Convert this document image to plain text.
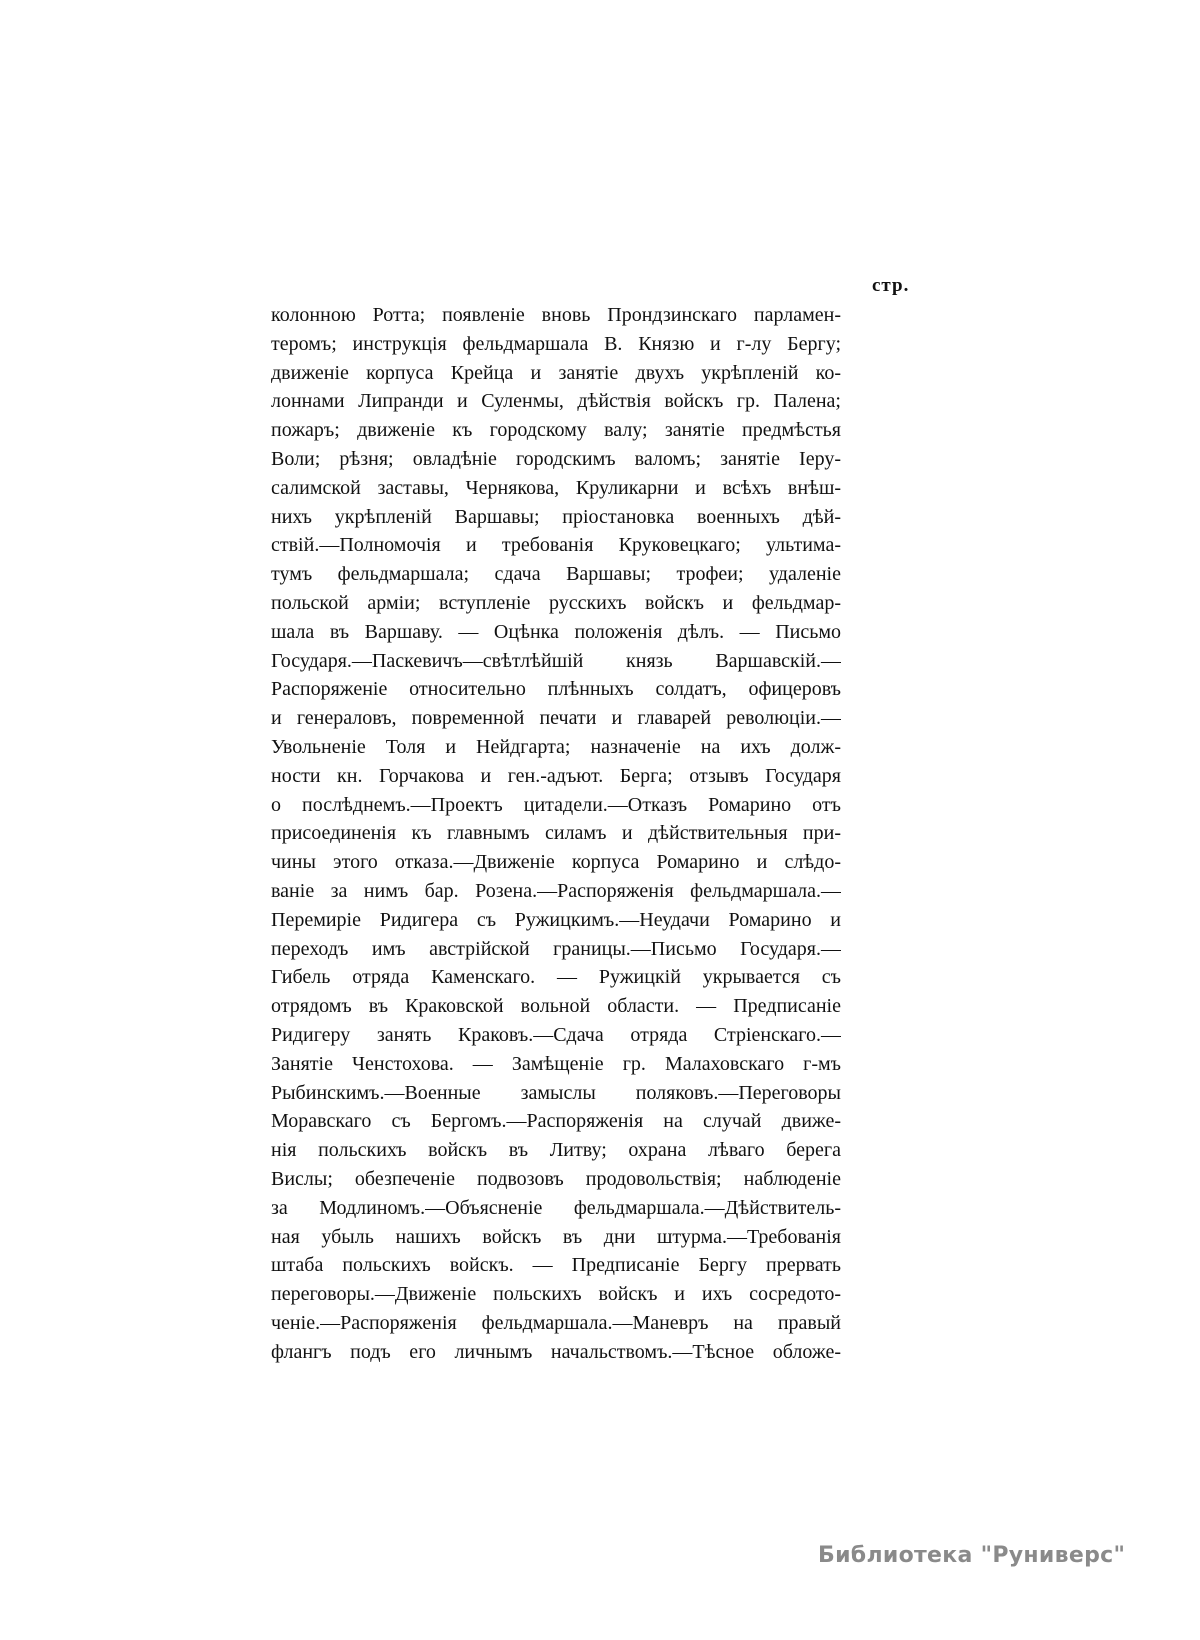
стр.
колонною Ротта; появленіе вновь Прондзинскаго парламен-
теромъ; инструкція фельдмаршала В. Князю и г-лу Бергу;
движеніе корпуса Крейца и занятіе двухъ укрѣпленій ко-
лоннами Липранди и Суленмы, дѣйствія войскъ гр. Палена;
пожаръ; движеніе къ городскому валу; занятіе предмѣстья
Воли; рѣзня; овладѣніе городскимъ валомъ; занятіе Іеру-
салимской заставы, Чернякова, Круликарни и всѣхъ внѣш-
нихъ укрѣпленій Варшавы; пріостановка военныхъ дѣй-
ствій.—Полномочія и требованія Круковецкаго; ультима-
тумъ фельдмаршала; сдача Варшавы; трофеи; удаленіе
польской арміи; вступленіе русскихъ войскъ и фельдмар-
шала въ Варшаву. — Оцѣнка положенія дѣлъ. — Письмо
Государя.—Паскевичъ—свѣтлѣйшій князь Варшавскій.—
Распоряженіе относительно плѣнныхъ солдатъ, офицеровъ
и генераловъ, повременной печати и главарей революціи.—
Увольненіе Толя и Нейдгарта; назначеніе на ихъ долж-
ности кн. Горчакова и ген.-адъют. Берга; отзывъ Государя
о послѣднемъ.—Проектъ цитадели.—Отказъ Ромарино отъ
присоединенія къ главнымъ силамъ и дѣйствительныя при-
чины этого отказа.—Движеніе корпуса Ромарино и слѣдо-
ваніе за нимъ бар. Розена.—Распоряженія фельдмаршала.—
Перемиріе Ридигера съ Ружицкимъ.—Неудачи Ромарино и
переходъ имъ австрійской границы.—Письмо Государя.—
Гибель отряда Каменскаго. — Ружицкій укрывается съ
отрядомъ въ Краковской вольной области. — Предписаніе
Ридигеру занять Краковъ.—Сдача отряда Стріенскаго.—
Занятіе Ченстохова. — Замѣщеніе гр. Малаховскаго г-мъ
Рыбинскимъ.—Военные замыслы поляковъ.—Переговоры
Моравскаго съ Бергомъ.—Распоряженія на случай движе-
нія польскихъ войскъ въ Литву; охрана лѣваго берега
Вислы; обезпеченіе подвозовъ продовольствія; наблюденіе
за Модлиномъ.—Объясненіе фельдмаршала.—Дѣйствитель-
ная убыль нашихъ войскъ въ дни штурма.—Требованія
штаба польскихъ войскъ. — Предписаніе Бергу прервать
переговоры.—Движеніе польскихъ войскъ и ихъ сосредото-
ченіе.—Распоряженія фельдмаршала.—Маневръ на правый
флангъ подъ его личнымъ начальствомъ.—Тѣсное обложе-
Библиотека "Руниверс"
